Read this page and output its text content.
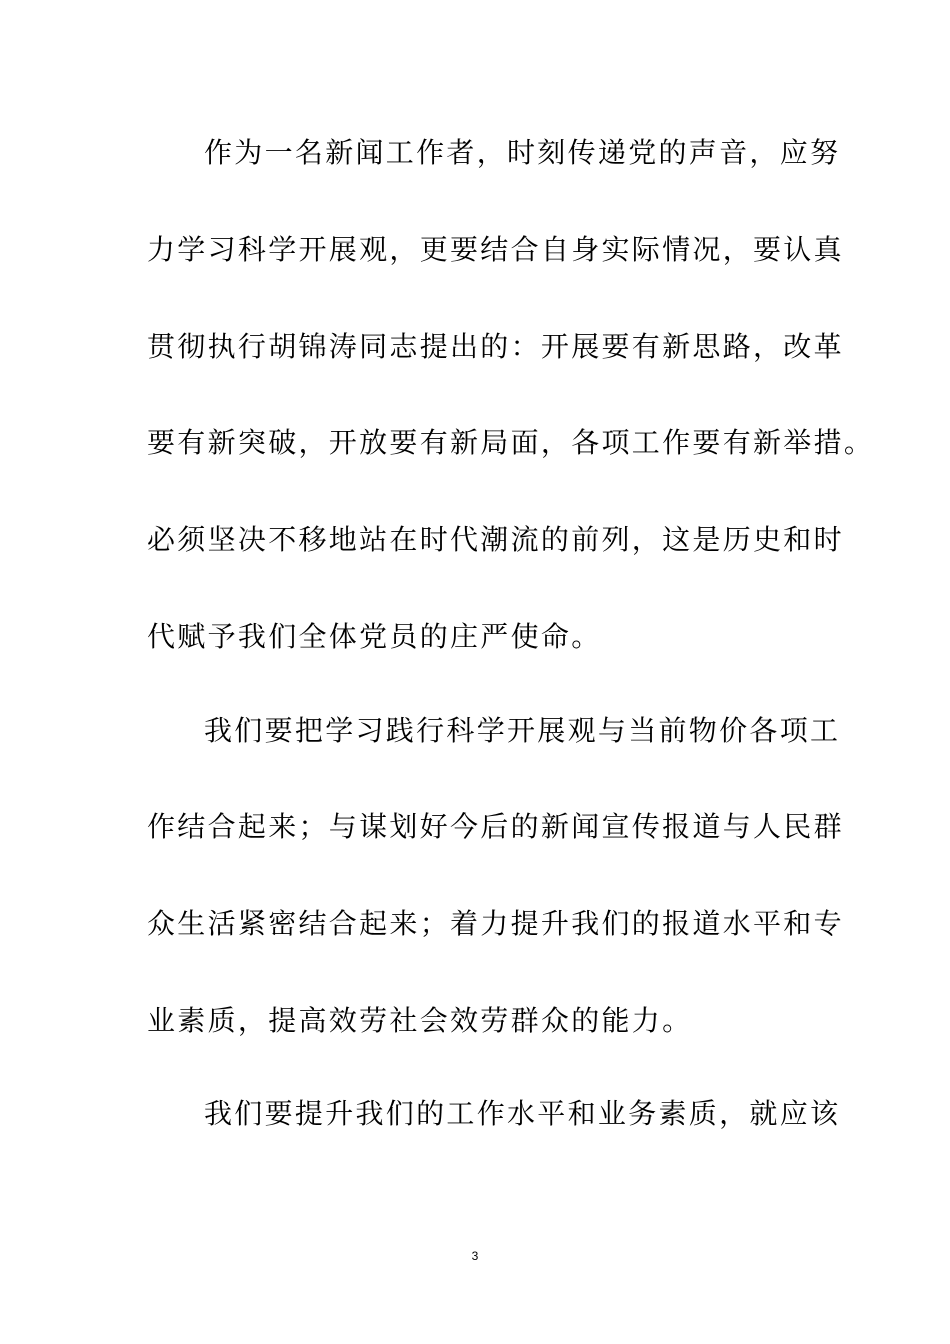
作为一名新闻工作者，时刻传递党的声音，应努
力学习科学开展观，更要结合自身实际情况，要认真
贯彻执行胡锦涛同志提出的：开展要有新思路，改革
要有新突破，开放要有新局面，各项工作要有新举措。
必须坚决不移地站在时代潮流的前列，这是历史和时
代赋予我们全体党员的庄严使命。
我们要把学习践行科学开展观与当前物价各项工
作结合起来；与谋划好今后的新闻宣传报道与人民群
众生活紧密结合起来；着力提升我们的报道水平和专
业素质，提高效劳社会效劳群众的能力。
我们要提升我们的工作水平和业务素质，就应该
3
